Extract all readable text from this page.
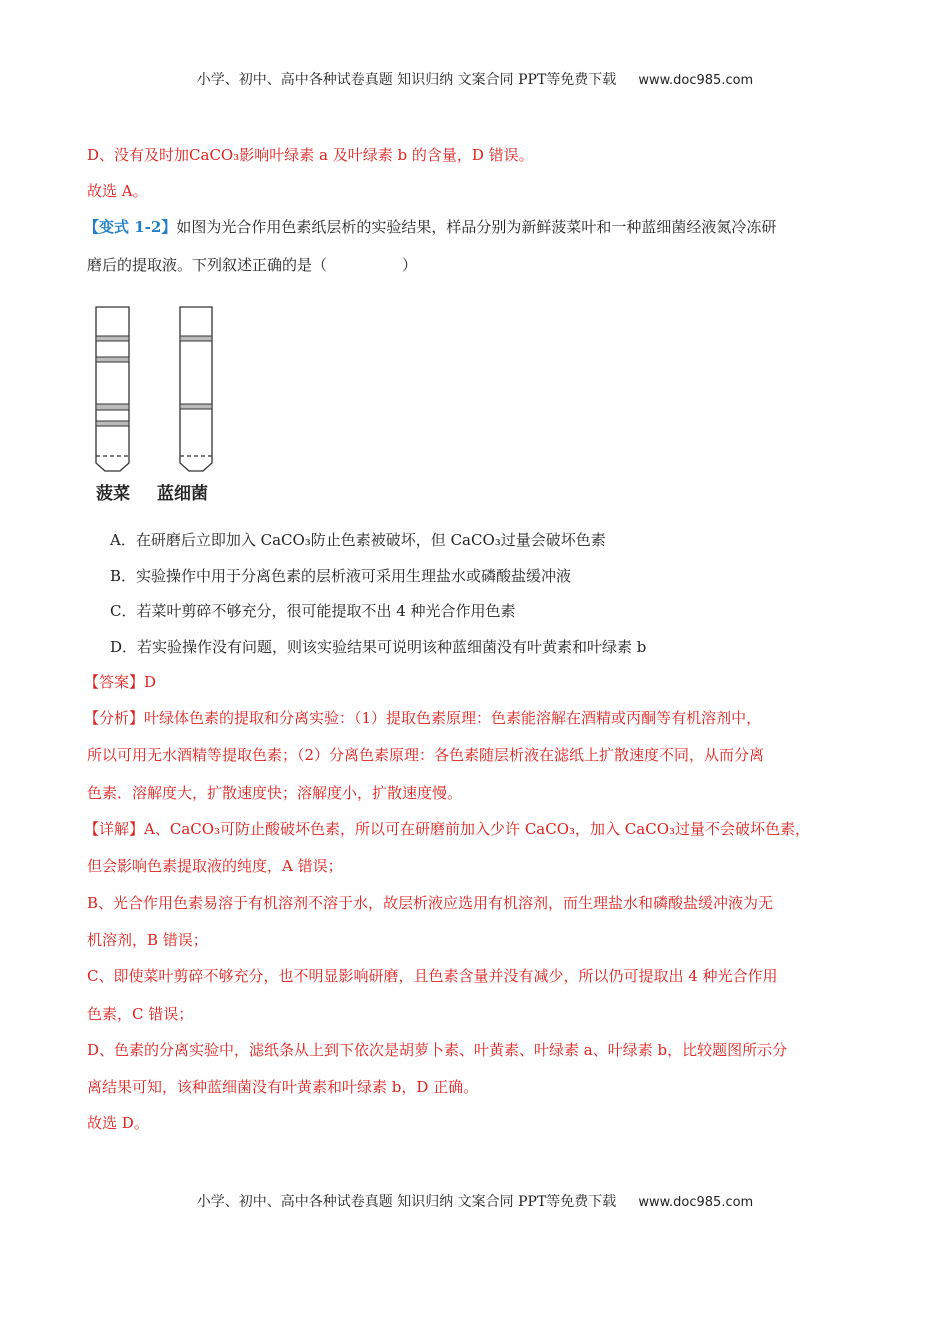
小学、初中、高中各种试卷真题 知识归纳 文案合同 PPT等免费下载 www.doc985.com
D、没有及时加CaCO₃影响叶绿素 a 及叶绿素 b 的含量，D 错误。
故选 A。
【变式 1-2】如图为光合作用色素纸层析的实验结果，样品分别为新鲜菠菜叶和一种蓝细菌经液氮冷冻研
磨后的提取液。下列叙述正确的是（　　　　　）
菠菜 蓝细菌
A．在研磨后立即加入 CaCO₃防止色素被破坏，但 CaCO₃过量会破坏色素
B．实验操作中用于分离色素的层析液可采用生理盐水或磷酸盐缓冲液
C．若菜叶剪碎不够充分，很可能提取不出 4 种光合作用色素
D．若实验操作没有问题，则该实验结果可说明该种蓝细菌没有叶黄素和叶绿素 b
【答案】D
【分析】叶绿体色素的提取和分离实验：（1）提取色素原理：色素能溶解在酒精或丙酮等有机溶剂中，
所以可用无水酒精等提取色素；（2）分离色素原理：各色素随层析液在滤纸上扩散速度不同，从而分离
色素．溶解度大，扩散速度快；溶解度小，扩散速度慢。
【详解】A、CaCO₃可防止酸破坏色素，所以可在研磨前加入少许 CaCO₃，加入 CaCO₃过量不会破坏色素，
但会影响色素提取液的纯度，A 错误；
B、光合作用色素易溶于有机溶剂不溶于水，故层析液应选用有机溶剂，而生理盐水和磷酸盐缓冲液为无
机溶剂，B 错误；
C、即使菜叶剪碎不够充分，也不明显影响研磨，且色素含量并没有减少，所以仍可提取出 4 种光合作用
色素，C 错误；
D、色素的分离实验中，滤纸条从上到下依次是胡萝卜素、叶黄素、叶绿素 a、叶绿素 b，比较题图所示分
离结果可知，该种蓝细菌没有叶黄素和叶绿素 b，D 正确。
故选 D。
小学、初中、高中各种试卷真题 知识归纳 文案合同 PPT等免费下载 www.doc985.com
